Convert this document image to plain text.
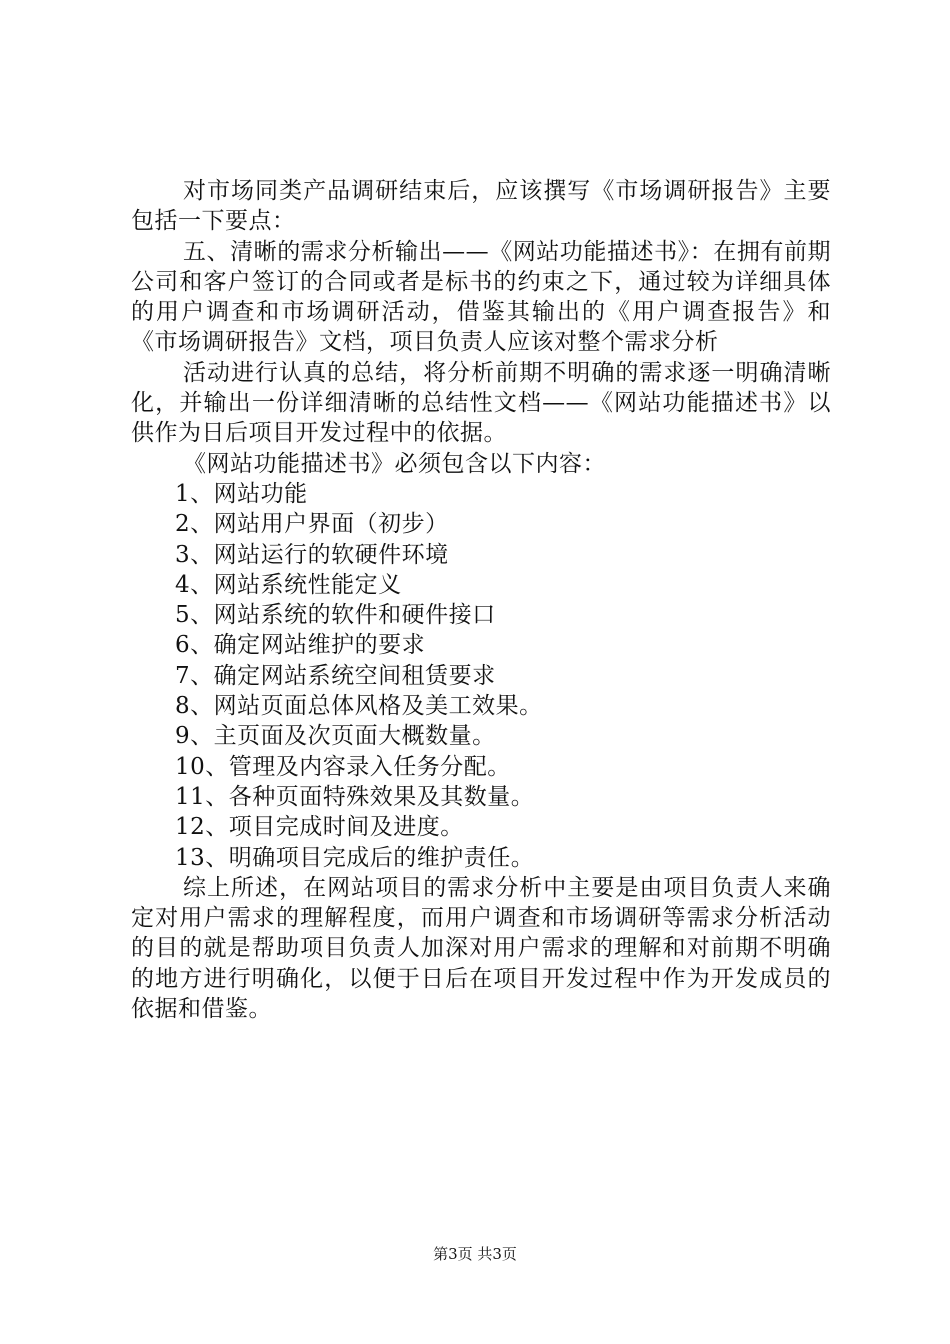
对市场同类产品调研结束后，应该撰写《市场调研报告》主要包括一下要点：

五、清晰的需求分析输出——《网站功能描述书》：在拥有前期公司和客户签订的合同或者是标书的约束之下，通过较为详细具体的用户调查和市场调研活动，借鉴其输出的《用户调查报告》和《市场调研报告》文档，项目负责人应该对整个需求分析

活动进行认真的总结，将分析前期不明确的需求逐一明确清晰化，并输出一份详细清晰的总结性文档——《网站功能描述书》以供作为日后项目开发过程中的依据。

《网站功能描述书》必须包含以下内容：

1、网站功能

2、网站用户界面（初步）

3、网站运行的软硬件环境

4、网站系统性能定义

5、网站系统的软件和硬件接口

6、确定网站维护的要求

7、确定网站系统空间租赁要求

8、网站页面总体风格及美工效果。

9、主页面及次页面大概数量。

10、管理及内容录入任务分配。

11、各种页面特殊效果及其数量。

12、项目完成时间及进度。

13、明确项目完成后的维护责任。

综上所述，在网站项目的需求分析中主要是由项目负责人来确定对用户需求的理解程度，而用户调查和市场调研等需求分析活动的目的就是帮助项目负责人加深对用户需求的理解和对前期不明确的地方进行明确化，以便于日后在项目开发过程中作为开发成员的依据和借鉴。

第3页 共3页
